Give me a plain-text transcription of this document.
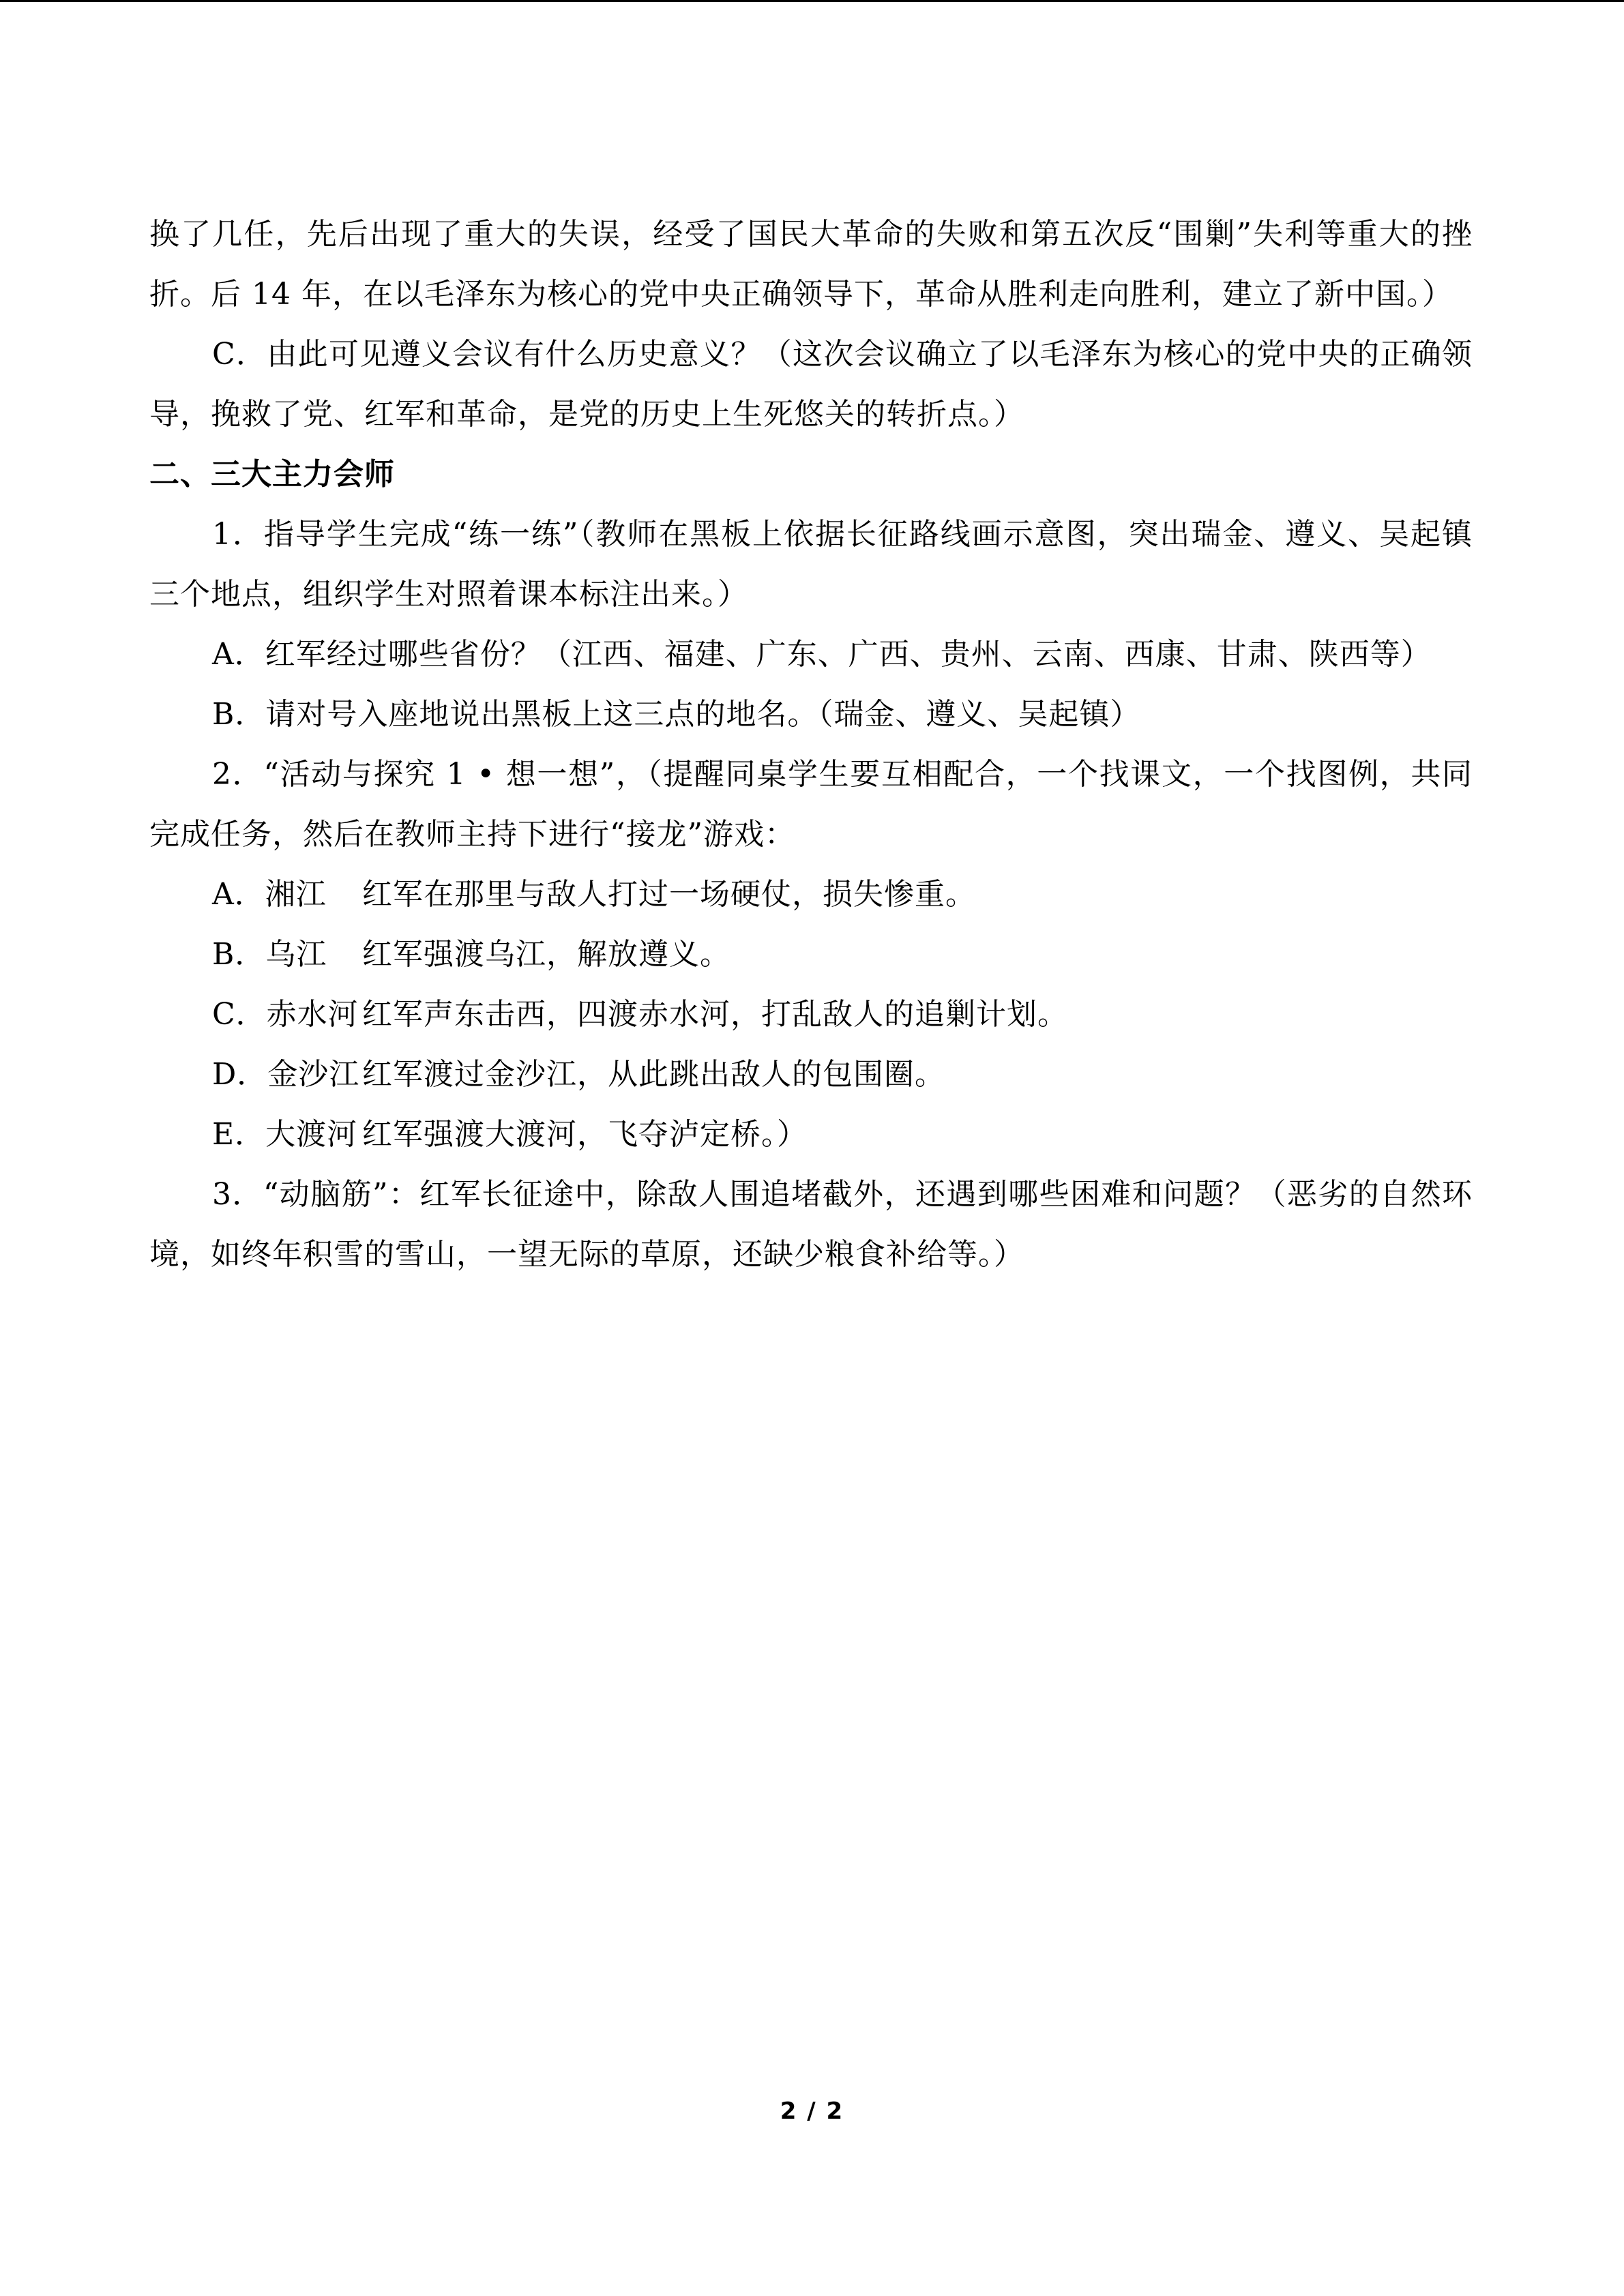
换了几任，先后出现了重大的失误，经受了国民大革命的失败和第五次反“围剿”失利等重大的挫折。后 14 年，在以毛泽东为核心的党中央正确领导下，革命从胜利走向胜利，建立了新中国。）

C．由此可见遵义会议有什么历史意义？（这次会议确立了以毛泽东为核心的党中央的正确领导，挽救了党、红军和革命，是党的历史上生死悠关的转折点。）

二、三大主力会师

1．指导学生完成“练一练”（教师在黑板上依据长征路线画示意图，突出瑞金、遵义、吴起镇三个地点，组织学生对照着课本标注出来。）

A．红军经过哪些省份？（江西、福建、广东、广西、贵州、云南、西康、甘肃、陕西等）

B．请对号入座地说出黑板上这三点的地名。（瑞金、遵义、吴起镇）

2．“活动与探究 1 • 想一想”，（提醒同桌学生要互相配合，一个找课文，一个找图例，共同完成任务，然后在教师主持下进行“接龙”游戏：

A．湘江	红军在那里与敌人打过一场硬仗，损失惨重。
B．乌江	红军强渡乌江，解放遵义。
C．赤水河 红军声东击西，四渡赤水河，打乱敌人的追剿计划。
D．金沙江 红军渡过金沙江，从此跳出敌人的包围圈。
E．大渡河 红军强渡大渡河，飞夺泸定桥。）

3．“动脑筋”：红军长征途中，除敌人围追堵截外，还遇到哪些困难和问题？（恶劣的自然环境，如终年积雪的雪山，一望无际的草原，还缺少粮食补给等。）

2 / 2
